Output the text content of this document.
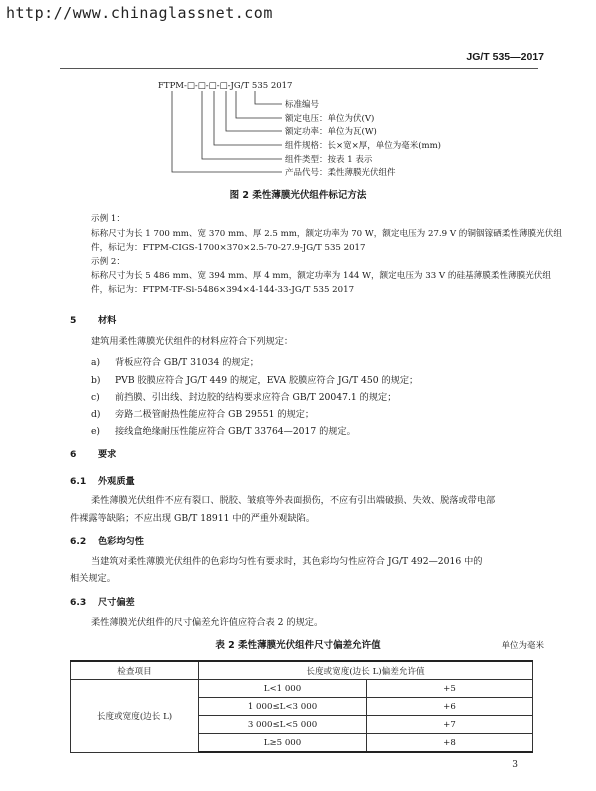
http://www.chinaglassnet.com
JG/T 535—2017
FTPM-□-□-□-□-JG/T 535 2017
标准编号
额定电压：单位为伏(V)
额定功率：单位为瓦(W)
组件规格：长×宽×厚，单位为毫米(mm)
组件类型：按表 1 表示
产品代号：柔性薄膜光伏组件
图 2 柔性薄膜光伏组件标记方法
示例 1：
标称尺寸为长 1 700 mm、宽 370 mm、厚 2.5 mm，额定功率为 70 W，额定电压为 27.9 V 的铜铟镓硒柔性薄膜光伏组
件，标记为：FTPM-CIGS-1700×370×2.5-70-27.9-JG/T 535 2017
示例 2：
标称尺寸为长 5 486 mm、宽 394 mm、厚 4 mm，额定功率为 144 W，额定电压为 33 V 的硅基薄膜柔性薄膜光伏组
件，标记为：FTPM-TF-Si-5486×394×4-144-33-JG/T 535 2017
5 材料
建筑用柔性薄膜光伏组件的材料应符合下列规定：
a) 背板应符合 GB/T 31034 的规定；
b) PVB 胶膜应符合 JG/T 449 的规定，EVA 胶膜应符合 JG/T 450 的规定；
c) 前挡膜、引出线、封边胶的结构要求应符合 GB/T 20047.1 的规定；
d) 旁路二极管耐热性能应符合 GB 29551 的规定；
e) 接线盒绝缘耐压性能应符合 GB/T 33764—2017 的规定。
6 要求
6.1 外观质量
柔性薄膜光伏组件不应有裂口、脱胶、皱痕等外表面损伤，不应有引出端破损、失效、脱落或带电部
件裸露等缺陷；不应出现 GB/T 18911 中的严重外观缺陷。
6.2 色彩均匀性
当建筑对柔性薄膜光伏组件的色彩均匀性有要求时，其色彩均匀性应符合 JG/T 492—2016 中的
相关规定。
6.3 尺寸偏差
柔性薄膜光伏组件的尺寸偏差允许值应符合表 2 的规定。
表 2 柔性薄膜光伏组件尺寸偏差允许值	单位为毫米
检查项目	长度或宽度(边长 L)偏差允许值	
长度或宽度(边长 L)	L<1 000	+5
	1 000≤L<3 000	+6
	3 000≤L<5 000	+7
	L≥5 000	+8
3
